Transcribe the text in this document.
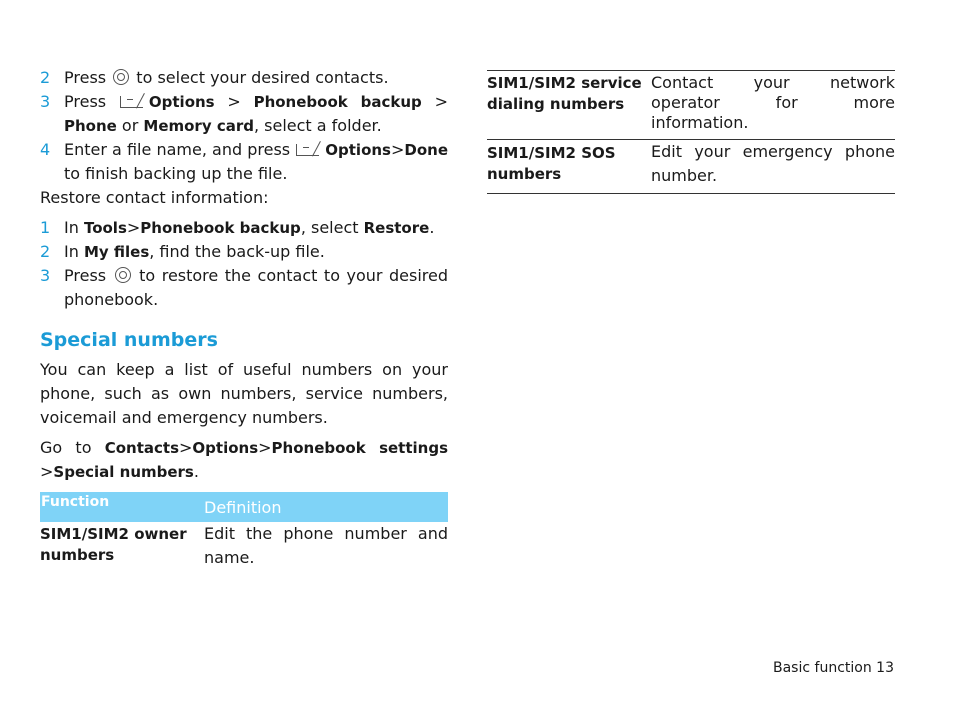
2 Press to select your desired contacts.
3 Press	Options > Phonebook backup > Phone or Memory card, select a folder.
4 Enter a file name, and press Options>Done to finish backing up the file.

Restore contact information:

1 In Tools>Phonebook backup, select Restore.
2 In My files, find the back-up file.
3 Press to restore the contact to your desired phonebook.
Special numbers

You can keep a list of useful numbers on your phone, such as own numbers, service numbers, voicemail and emergency numbers.

Go to Contacts>Options>Phonebook settings >Special numbers.

Function	Definition
SIM1/SIM2 owner numbers	Edit the phone number and name.
SIM1/SIM2 service dialing numbers	Contact your network operator for more information.
SIM1/SIM2 SOS numbers	Edit your emergency phone number.
Basic function 13
